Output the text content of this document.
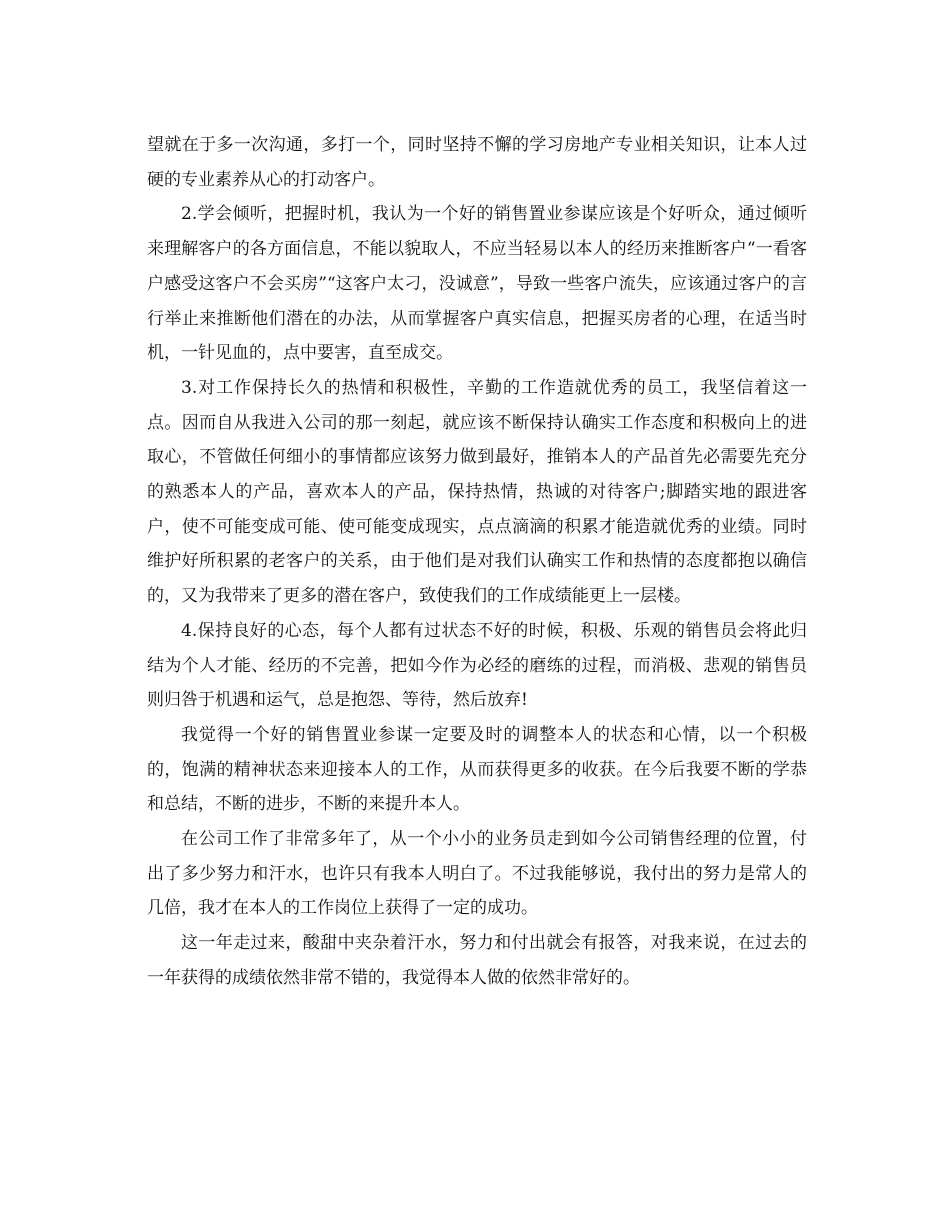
望就在于多一次沟通，多打一个，同时坚持不懈的学习房地产专业相关知识，让本人过硬的专业素养从心的打动客户。

2.学会倾听，把握时机，我认为一个好的销售置业参谋应该是个好听众，通过倾听来理解客户的各方面信息，不能以貌取人，不应当轻易以本人的经历来推断客户“一看客户感受这客户不会买房”“这客户太刁，没诚意”，导致一些客户流失，应该通过客户的言行举止来推断他们潜在的办法，从而掌握客户真实信息，把握买房者的心理，在适当时机，一针见血的，点中要害，直至成交。

3.对工作保持长久的热情和积极性，辛勤的工作造就优秀的员工，我坚信着这一点。因而自从我进入公司的那一刻起，就应该不断保持认确实工作态度和积极向上的进取心，不管做任何细小的事情都应该努力做到最好，推销本人的产品首先必需要先充分的熟悉本人的产品，喜欢本人的产品，保持热情，热诚的对待客户;脚踏实地的跟进客户，使不可能变成可能、使可能变成现实，点点滴滴的积累才能造就优秀的业绩。同时维护好所积累的老客户的关系，由于他们是对我们认确实工作和热情的态度都抱以确信的，又为我带来了更多的潜在客户，致使我们的工作成绩能更上一层楼。

4.保持良好的心态，每个人都有过状态不好的时候，积极、乐观的销售员会将此归结为个人才能、经历的不完善，把如今作为必经的磨练的过程，而消极、悲观的销售员则归咎于机遇和运气，总是抱怨、等待，然后放弃!

我觉得一个好的销售置业参谋一定要及时的调整本人的状态和心情，以一个积极的，饱满的精神状态来迎接本人的工作，从而获得更多的收获。在今后我要不断的学恭和总结，不断的进步，不断的来提升本人。

在公司工作了非常多年了，从一个小小的业务员走到如今公司销售经理的位置，付出了多少努力和汗水，也许只有我本人明白了。不过我能够说，我付出的努力是常人的几倍，我才在本人的工作岗位上获得了一定的成功。

这一年走过来，酸甜中夹杂着汗水，努力和付出就会有报答，对我来说，在过去的一年获得的成绩依然非常不错的，我觉得本人做的依然非常好的。
